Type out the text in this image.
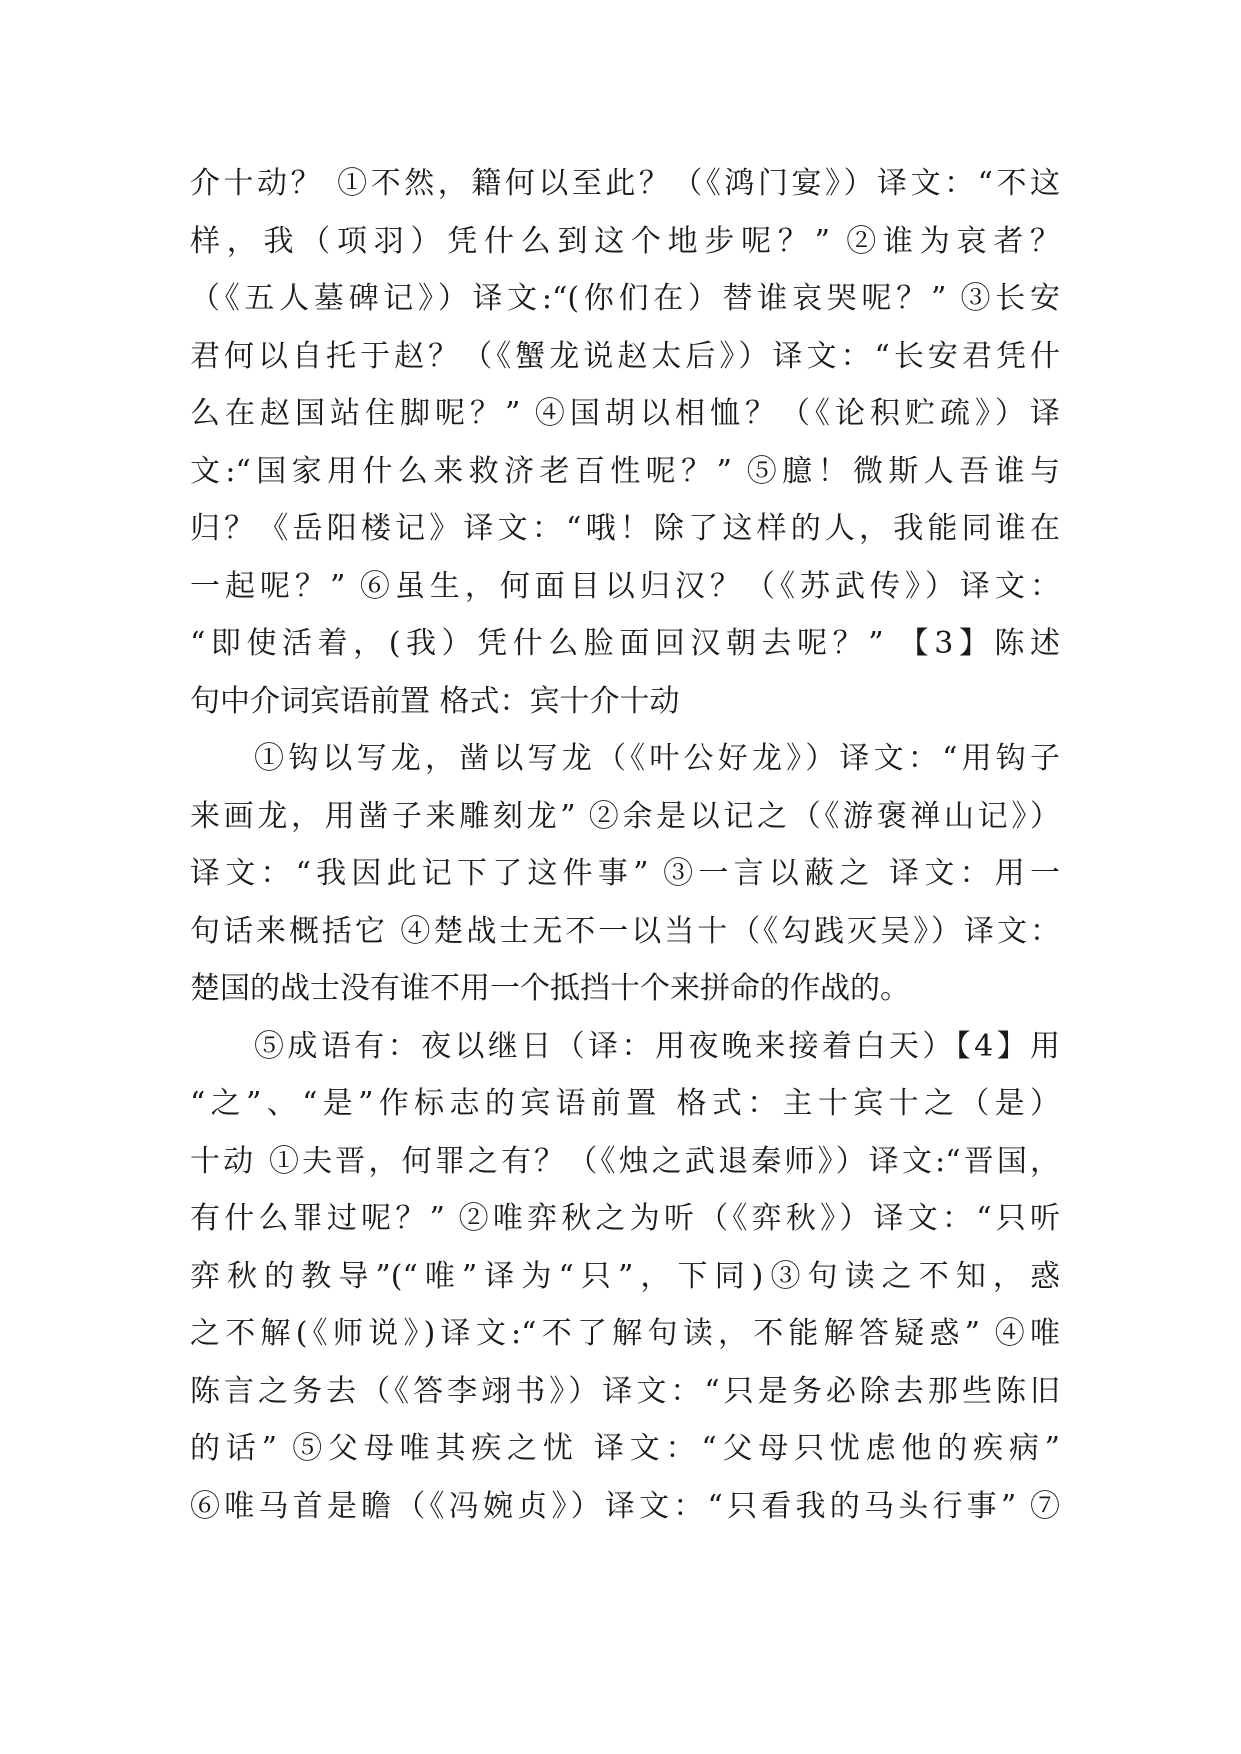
介十动？ ①不然，籍何以至此？（《鸿门宴》）译文：“不这
样，我（项羽）凭什么到这个地步呢？” ②谁为哀者？
（《五人墓碑记》）译文:“(你们在）替谁哀哭呢？” ③长安
君何以自托于赵？（《蟹龙说赵太后》）译文：“长安君凭什
么在赵国站住脚呢？” ④国胡以相恤？（《论积贮疏》）译
文:“国家用什么来救济老百性呢？” ⑤臆！微斯人吾谁与
归？《岳阳楼记》译文：“哦！除了这样的人，我能同谁在
一起呢？” ⑥虽生，何面目以归汉？（《苏武传》）译文：
“即使活着，(我）凭什么脸面回汉朝去呢？” 【3】陈述
句中介词宾语前置 格式：宾十介十动
①钩以写龙，凿以写龙（《叶公好龙》）译文：“用钩子
来画龙，用凿子来雕刻龙” ②余是以记之（《游褒禅山记》）
译文：“我因此记下了这件事” ③一言以蔽之 译文：用一
句话来概括它 ④楚战士无不一以当十（《勾践灭吴》）译文：
楚国的战士没有谁不用一个抵挡十个来拼命的作战的。
⑤成语有：夜以继日（译：用夜晚来接着白天）【4】用
“之”、“是”作标志的宾语前置 格式：主十宾十之（是）
十动 ①夫晋，何罪之有？（《烛之武退秦师》）译文:“晋国，
有什么罪过呢？” ②唯弈秋之为听（《弈秋》）译文：“只听
弈秋的教导”(“唯”译为“只”，下同)③句读之不知，惑
之不解(《师说》)译文:“不了解句读，不能解答疑惑” ④唯
陈言之务去（《答李翊书》）译文：“只是务必除去那些陈旧
的话” ⑤父母唯其疾之忧 译文：“父母只忧虑他的疾病”
⑥唯马首是瞻（《冯婉贞》）译文：“只看我的马头行事” ⑦
